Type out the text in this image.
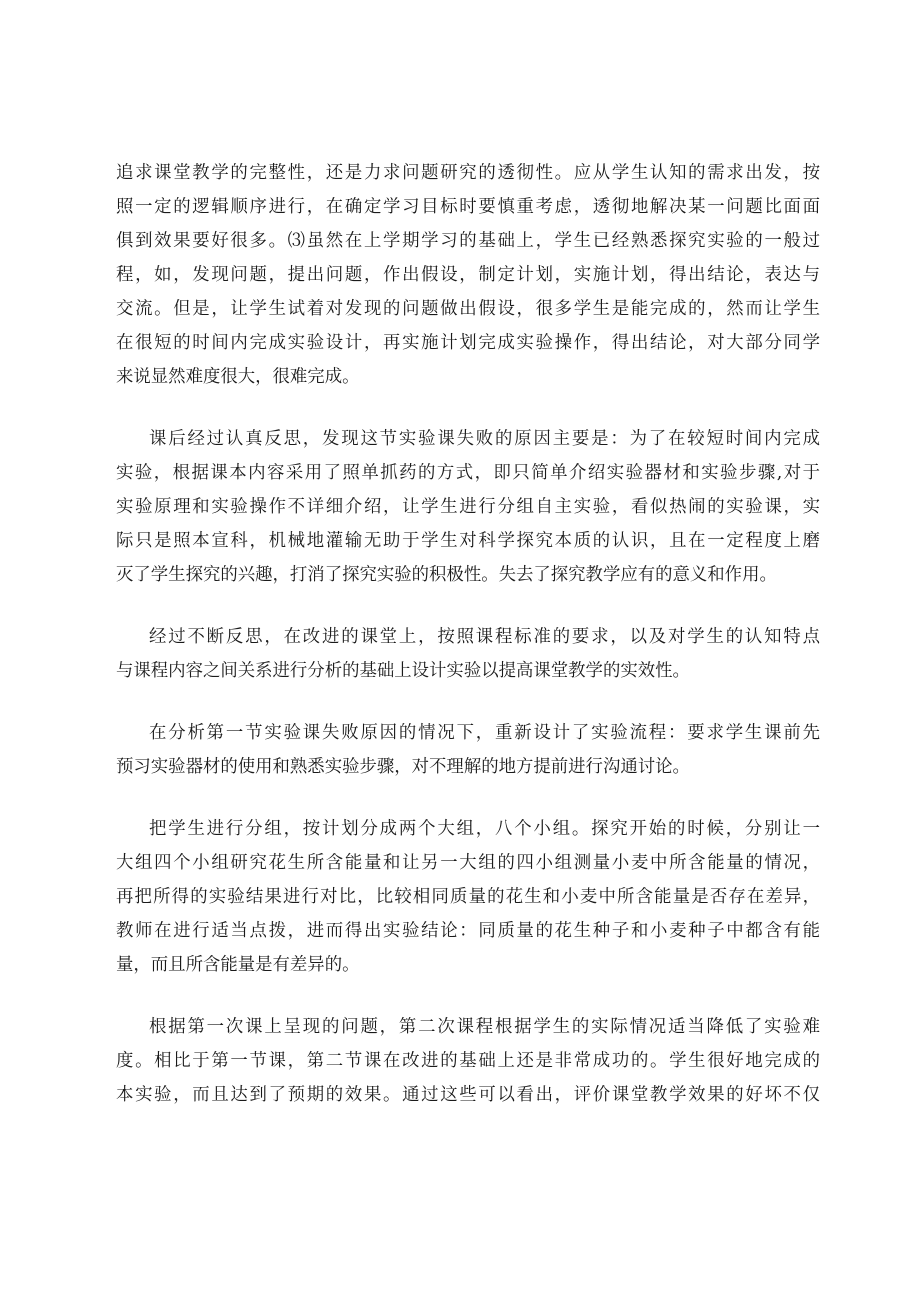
追求课堂教学的完整性，还是力求问题研究的透彻性。应从学生认知的需求出发，按
照一定的逻辑顺序进行，在确定学习目标时要慎重考虑，透彻地解决某一问题比面面
俱到效果要好很多。⑶虽然在上学期学习的基础上，学生已经熟悉探究实验的一般过
程，如，发现问题，提出问题，作出假设，制定计划，实施计划，得出结论，表达与
交流。但是，让学生试着对发现的问题做出假设，很多学生是能完成的，然而让学生
在很短的时间内完成实验设计，再实施计划完成实验操作，得出结论，对大部分同学
来说显然难度很大，很难完成。
课后经过认真反思，发现这节实验课失败的原因主要是：为了在较短时间内完成
实验，根据课本内容采用了照单抓药的方式，即只简单介绍实验器材和实验步骤,对于
实验原理和实验操作不详细介绍，让学生进行分组自主实验，看似热闹的实验课，实
际只是照本宣科，机械地灌输无助于学生对科学探究本质的认识，且在一定程度上磨
灭了学生探究的兴趣，打消了探究实验的积极性。失去了探究教学应有的意义和作用。
经过不断反思，在改进的课堂上，按照课程标准的要求，以及对学生的认知特点
与课程内容之间关系进行分析的基础上设计实验以提高课堂教学的实效性。
在分析第一节实验课失败原因的情况下，重新设计了实验流程：要求学生课前先
预习实验器材的使用和熟悉实验步骤，对不理解的地方提前进行沟通讨论。
把学生进行分组，按计划分成两个大组，八个小组。探究开始的时候，分别让一
大组四个小组研究花生所含能量和让另一大组的四小组测量小麦中所含能量的情况，
再把所得的实验结果进行对比，比较相同质量的花生和小麦中所含能量是否存在差异，
教师在进行适当点拨，进而得出实验结论：同质量的花生种子和小麦种子中都含有能
量，而且所含能量是有差异的。
根据第一次课上呈现的问题，第二次课程根据学生的实际情况适当降低了实验难
度。相比于第一节课，第二节课在改进的基础上还是非常成功的。学生很好地完成的
本实验，而且达到了预期的效果。通过这些可以看出，评价课堂教学效果的好坏不仅
